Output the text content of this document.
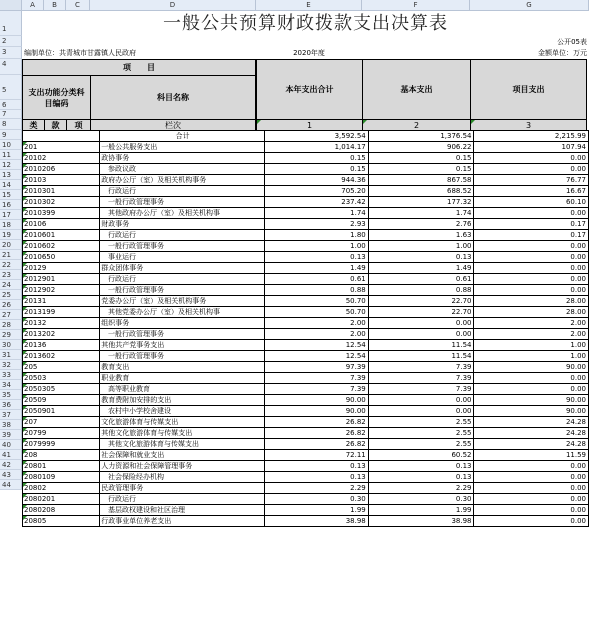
A	B	C	D	E	F	G
1
2
3
4
5
6
7
8
一般公共预算财政拨款支出决算表
公开05表
编制单位：共青城市甘露镇人民政府	2020年度	金额单位：万元
项　　目
支出功能分类科目编码
科目名称
类	款	项
本年支出合计	基本支出	项目支出
栏次	1	2	3
9
10
11
12
13
14
15
16
17
18
19
20
21
22
23
24
25
26
27
28
29
30
31
32
33
34
35
36
37
38
39
40
41
42
43
44
			合计	3,592.54	1,376.54	2,215.99

201			一般公共服务支出	1,014.17	906.22	107.94

20102			政协事务	0.15	0.15	0.00

2010206			参政议政	0.15	0.15	0.00

20103			政府办公厅（室）及相关机构事务	944.36	867.58	76.77

2010301			行政运行	705.20	688.52	16.67

2010302			一般行政管理事务	237.42	177.32	60.10

2010399			其他政府办公厅（室）及相关机构事	1.74	1.74	0.00

20106			财政事务	2.93	2.76	0.17

2010601			行政运行	1.80	1.63	0.17

2010602			一般行政管理事务	1.00	1.00	0.00

2010650			事业运行	0.13	0.13	0.00

20129			群众团体事务	1.49	1.49	0.00

2012901			行政运行	0.61	0.61	0.00

2012902			一般行政管理事务	0.88	0.88	0.00

20131			党委办公厅（室）及相关机构事务	50.70	22.70	28.00

2013199			其他党委办公厅（室）及相关机构事	50.70	22.70	28.00

20132			组织事务	2.00	0.00	2.00

2013202			一般行政管理事务	2.00	0.00	2.00

20136			其他共产党事务支出	12.54	11.54	1.00

2013602			一般行政管理事务	12.54	11.54	1.00

205			教育支出	97.39	7.39	90.00

20503			职业教育	7.39	7.39	0.00

2050305			高等职业教育	7.39	7.39	0.00

20509			教育费附加安排的支出	90.00	0.00	90.00

2050901			农村中小学校舍建设	90.00	0.00	90.00

207			文化旅游体育与传媒支出	26.82	2.55	24.28

20799			其他文化旅游体育与传媒支出	26.82	2.55	24.28

2079999			其他文化旅游体育与传媒支出	26.82	2.55	24.28

208			社会保障和就业支出	72.11	60.52	11.59

20801			人力资源和社会保障管理事务	0.13	0.13	0.00

2080109			社会保险经办机构	0.13	0.13	0.00

20802			民政管理事务	2.29	2.29	0.00

2080201			行政运行	0.30	0.30	0.00

2080208			基层政权建设和社区治理	1.99	1.99	0.00

20805			行政事业单位养老支出	38.98	38.98	0.00
